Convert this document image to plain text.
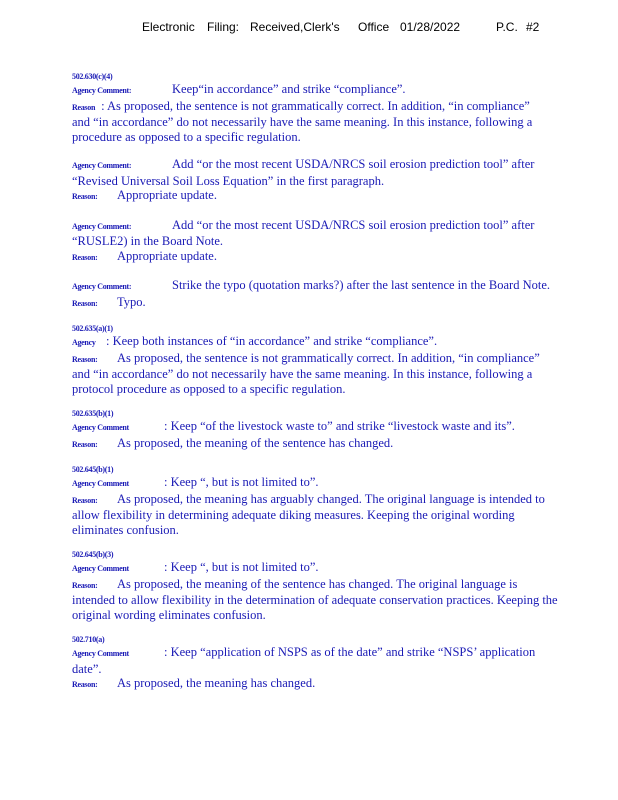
Electronic Filing: Received,Clerk's Office 01/28/2022	P.C. #2
502.630(c)(4)
Agency Comment:	Keep“in accordance” and strike “compliance”.
Reason : As proposed, the sentence is not grammatically correct. In addition, “in compliance”
and “in accordance” do not necessarily have the same meaning. In this instance, following a
procedure as opposed to a specific regulation.
Agency Comment:	Add “or the most recent USDA/NRCS soil erosion prediction tool” after
“Revised Universal Soil Loss Equation” in the first paragraph.
Reason: Appropriate update.
Agency Comment:	Add “or the most recent USDA/NRCS soil erosion prediction tool” after
“RUSLE2) in the Board Note.
Reason: Appropriate update.
Agency Comment:	Strike the typo (quotation marks?) after the last sentence in the Board Note.
Reason: Typo.
502.635(a)(1)
Agency : Keep both instances of “in accordance” and strike “compliance”.
Reason: As proposed, the sentence is not grammatically correct. In addition, “in compliance”
and “in accordance” do not necessarily have the same meaning. In this instance, following a
protocol procedure as opposed to a specific regulation.
502.635(b)(1)
Agency Comment	: Keep “of the livestock waste to” and strike “livestock waste and its”.
Reason: As proposed, the meaning of the sentence has changed.
502.645(b)(1)
Agency Comment	: Keep “, but is not limited to”.
Reason: As proposed, the meaning has arguably changed. The original language is intended to
allow flexibility in determining adequate diking measures. Keeping the original wording
eliminates confusion.
502.645(b)(3)
Agency Comment	: Keep “, but is not limited to”.
Reason: As proposed, the meaning of the sentence has changed. The original language is
intended to allow flexibility in the determination of adequate conservation practices. Keeping the
original wording eliminates confusion.
502.710(a)
Agency Comment	: Keep “application of NSPS as of the date” and strike “NSPS’ application
date”.
Reason: As proposed, the meaning has changed.
